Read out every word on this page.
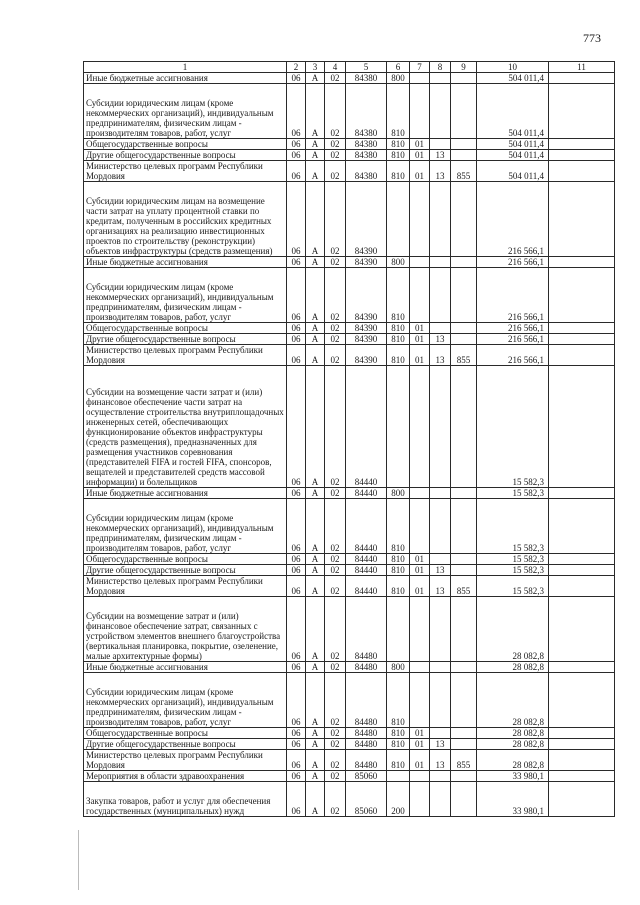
773
1	2	3	4	5	6	7	8	9	10	11
Иные бюджетные ассигнования	06	А	02	84380	800				504 011,4	
Субсидии юридическим лицам (кроме некоммерческих организаций), индивидуальным предпринимателям, физическим лицам - производителям товаров, работ, услуг	06	А	02	84380	810				504 011,4	
Общегосударственные вопросы	06	А	02	84380	810	01			504 011,4	
Другие общегосударственные вопросы	06	А	02	84380	810	01	13		504 011,4	
Министерство целевых программ Республики Мордовия	06	А	02	84380	810	01	13	855	504 011,4	
Субсидии юридическим лицам на возмещение части затрат на уплату процентной ставки по кредитам, полученным в российских кредитных организациях на реализацию инвестиционных проектов по строительству (реконструкции) объектов инфраструктуры (средств размещения)	06	А	02	84390					216 566,1	
Иные бюджетные ассигнования	06	А	02	84390	800				216 566,1	
Субсидии юридическим лицам (кроме некоммерческих организаций), индивидуальным предпринимателям, физическим лицам - производителям товаров, работ, услуг	06	А	02	84390	810				216 566,1	
Общегосударственные вопросы	06	А	02	84390	810	01			216 566,1	
Другие общегосударственные вопросы	06	А	02	84390	810	01	13		216 566,1	
Министерство целевых программ Республики Мордовия	06	А	02	84390	810	01	13	855	216 566,1	
Субсидии на возмещение части затрат и (или) финансовое обеспечение части затрат на осуществление строительства внутриплощадочных инженерных сетей, обеспечивающих функционирование объектов инфраструктуры (средств размещения), предназначенных для размещения участников соревнования (представителей FIFA и гостей FIFA, спонсоров, вещателей и представителей средств массовой информации) и болельщиков	06	А	02	84440					15 582,3	
Иные бюджетные ассигнования	06	А	02	84440	800				15 582,3	
Субсидии юридическим лицам (кроме некоммерческих организаций), индивидуальным предпринимателям, физическим лицам - производителям товаров, работ, услуг	06	А	02	84440	810				15 582,3	
Общегосударственные вопросы	06	А	02	84440	810	01			15 582,3	
Другие общегосударственные вопросы	06	А	02	84440	810	01	13		15 582,3	
Министерство целевых программ Республики Мордовия	06	А	02	84440	810	01	13	855	15 582,3	
Субсидии на возмещение затрат и (или) финансовое обеспечение затрат, связанных с устройством элементов внешнего благоустройства (вертикальная планировка, покрытие, озеленение, малые архитектурные формы)	06	А	02	84480					28 082,8	
Иные бюджетные ассигнования	06	А	02	84480	800				28 082,8	
Субсидии юридическим лицам (кроме некоммерческих организаций), индивидуальным предпринимателям, физическим лицам - производителям товаров, работ, услуг	06	А	02	84480	810				28 082,8	
Общегосударственные вопросы	06	А	02	84480	810	01			28 082,8	
Другие общегосударственные вопросы	06	А	02	84480	810	01	13		28 082,8	
Министерство целевых программ Республики Мордовия	06	А	02	84480	810	01	13	855	28 082,8	
Мероприятия в области здравоохранения	06	А	02	85060					33 980,1	
Закупка товаров, работ и услуг для обеспечения государственных (муниципальных) нужд	06	А	02	85060	200				33 980,1	
